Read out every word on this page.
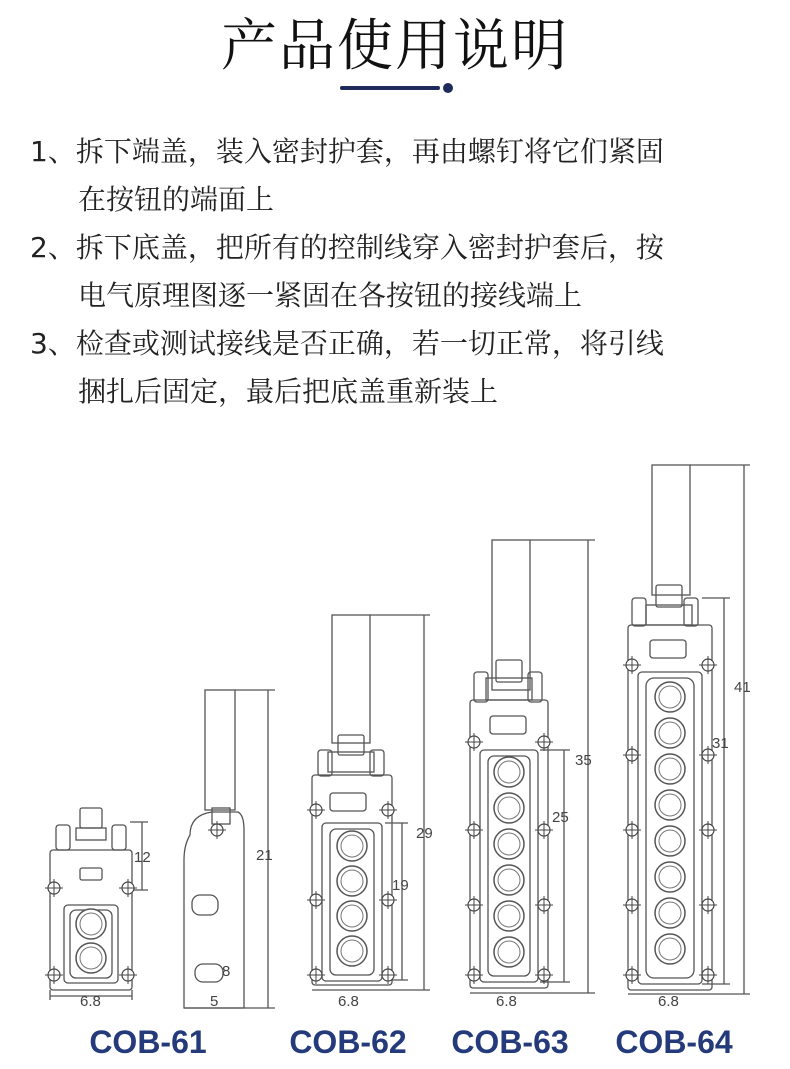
产品使用说明
1、拆下端盖，装入密封护套，再由螺钉将它们紧固
在按钮的端面上
2、拆下底盖，把所有的控制线穿入密封护套后，按
电气原理图逐一紧固在各按钮的接线端上
3、检查或测试接线是否正确，若一切正常，将引线
捆扎后固定，最后把底盖重新装上
12
6.8
21
5
8
29
19
6.8
35
25
6.8
41
31
6.8
COB-61	COB-62	COB-63	COB-64
